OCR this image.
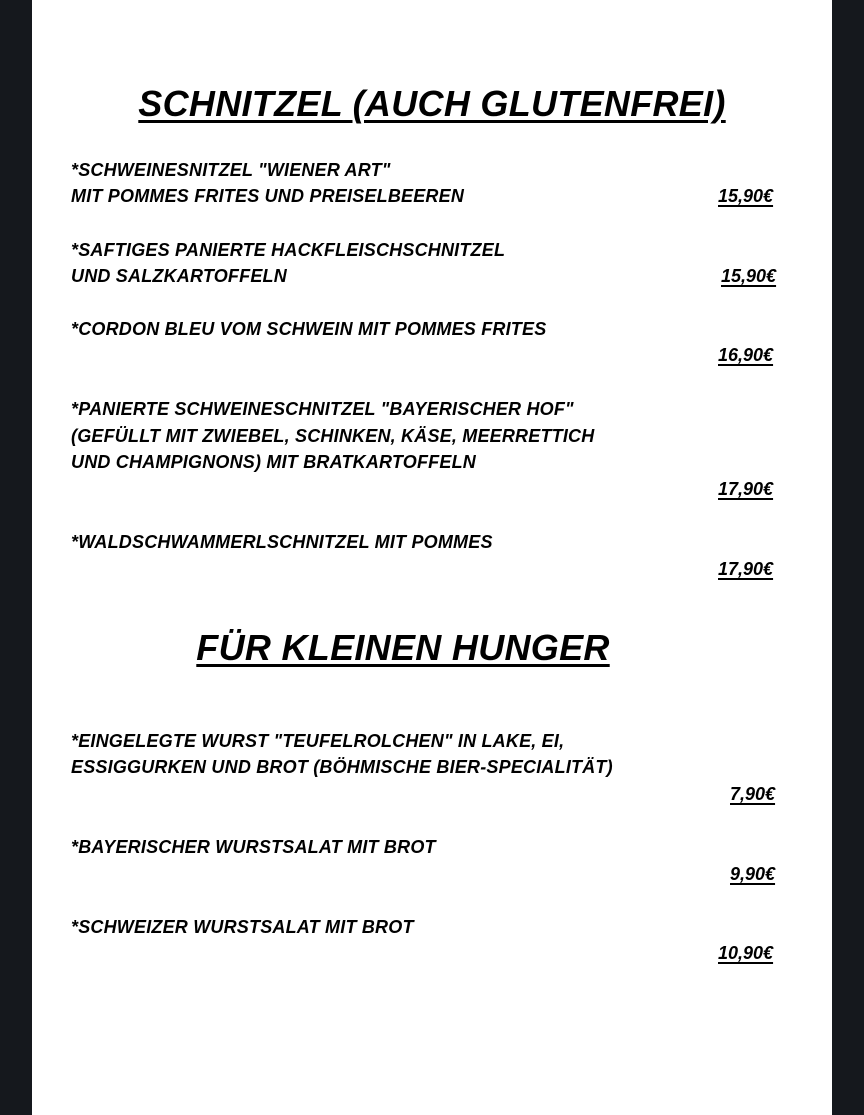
SCHNITZEL (AUCH GLUTENFREI)
*SCHWEINESNITZEL "WIENER ART"
MIT POMMES FRITES UND PREISELBEEREN	15,90€
*SAFTIGES PANIERTE HACKFLEISCHSCHNITZEL
UND SALZKARTOFFELN	15,90€
*CORDON BLEU VOM SCHWEIN MIT POMMES FRITES
16,90€
*PANIERTE SCHWEINESCHNITZEL "BAYERISCHER HOF"
(GEFÜLLT MIT ZWIEBEL, SCHINKEN, KÄSE, MEERRETTICH
UND CHAMPIGNONS) MIT BRATKARTOFFELN
17,90€
*WALDSCHWAMMERLSCHNITZEL MIT POMMES
17,90€
FÜR KLEINEN HUNGER
*EINGELEGTE WURST "TEUFELROLCHEN" IN LAKE, EI,
ESSIGGURKEN UND BROT (BÖHMISCHE BIER-SPECIALITÄT)
7,90€
*BAYERISCHER WURSTSALAT MIT BROT
9,90€
*SCHWEIZER WURSTSALAT MIT BROT
10,90€
